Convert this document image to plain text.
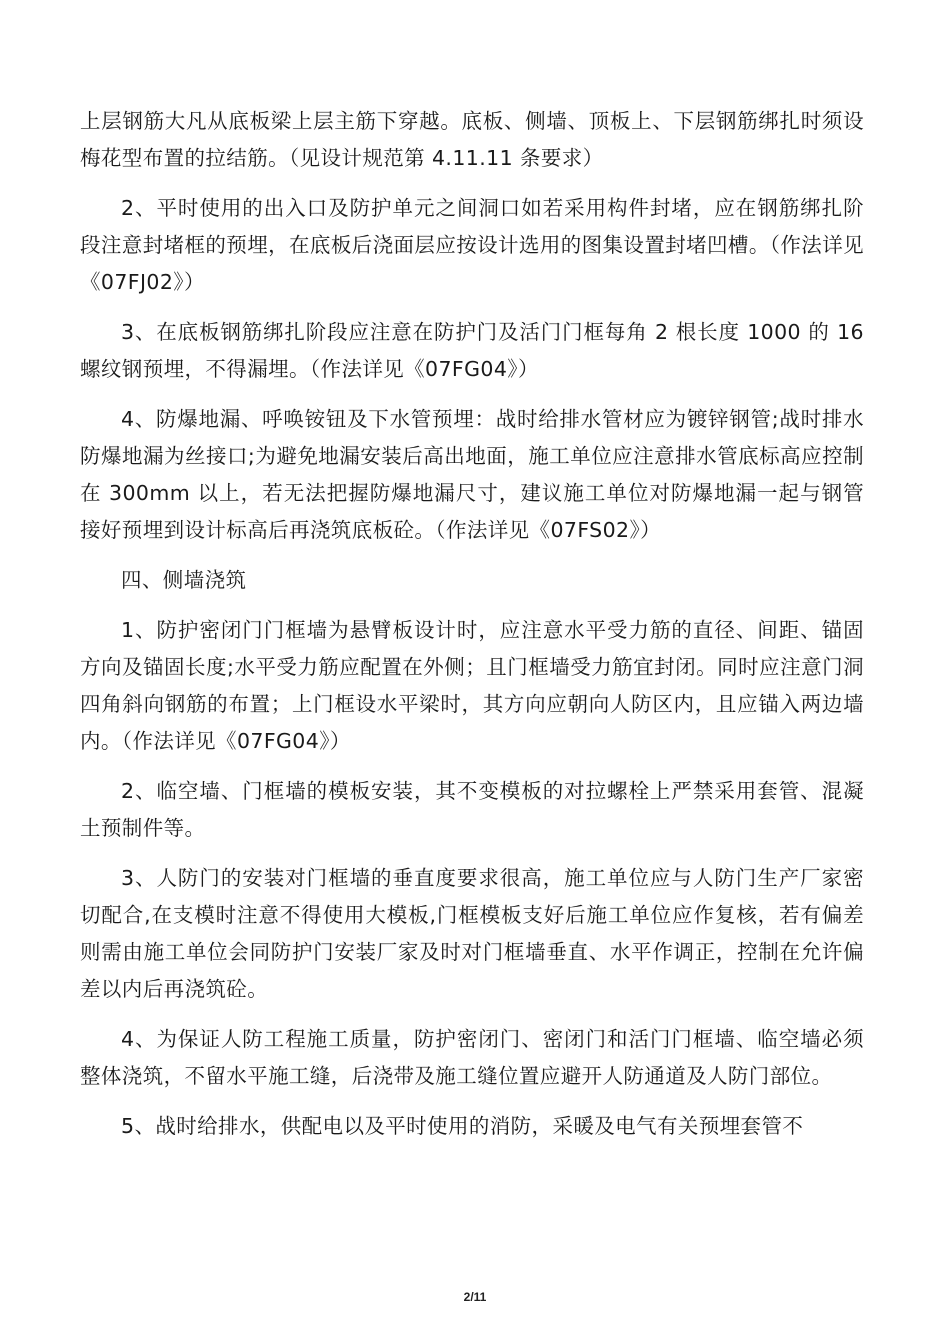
上层钢筋大凡从底板梁上层主筋下穿越。底板、侧墙、顶板上、下层钢筋绑扎时须设梅花型布置的拉结筋。（见设计规范第 4.11.11 条要求）

2、平时使用的出入口及防护单元之间洞口如若采用构件封堵，应在钢筋绑扎阶段注意封堵框的预埋，在底板后浇面层应按设计选用的图集设置封堵凹槽。（作法详见《07FJ02》）

3、在底板钢筋绑扎阶段应注意在防护门及活门门框每角 2 根长度 1000 的 16 螺纹钢预埋，不得漏埋。（作法详见《07FG04》）

4、防爆地漏、呼唤铵钮及下水管预埋：战时给排水管材应为镀锌钢管;战时排水防爆地漏为丝接口;为避免地漏安装后高出地面，施工单位应注意排水管底标高应控制在 300mm 以上，若无法把握防爆地漏尺寸，建议施工单位对防爆地漏一起与钢管接好预埋到设计标高后再浇筑底板砼。（作法详见《07FS02》）

四、侧墙浇筑

1、防护密闭门门框墙为悬臂板设计时，应注意水平受力筋的直径、间距、锚固方向及锚固长度;水平受力筋应配置在外侧；且门框墙受力筋宜封闭。同时应注意门洞四角斜向钢筋的布置；上门框设水平梁时，其方向应朝向人防区内，且应锚入两边墙内。（作法详见《07FG04》）

2、临空墙、门框墙的模板安装，其不变模板的对拉螺栓上严禁采用套管、混凝土预制件等。

3、人防门的安装对门框墙的垂直度要求很高，施工单位应与人防门生产厂家密切配合,在支模时注意不得使用大模板,门框模板支好后施工单位应作复核，若有偏差则需由施工单位会同防护门安装厂家及时对门框墙垂直、水平作调正，控制在允许偏差以内后再浇筑砼。

4、为保证人防工程施工质量，防护密闭门、密闭门和活门门框墙、临空墙必须整体浇筑，不留水平施工缝，后浇带及施工缝位置应避开人防通道及人防门部位。

5、战时给排水，供配电以及平时使用的消防，采暖及电气有关预埋套管不

2/11
